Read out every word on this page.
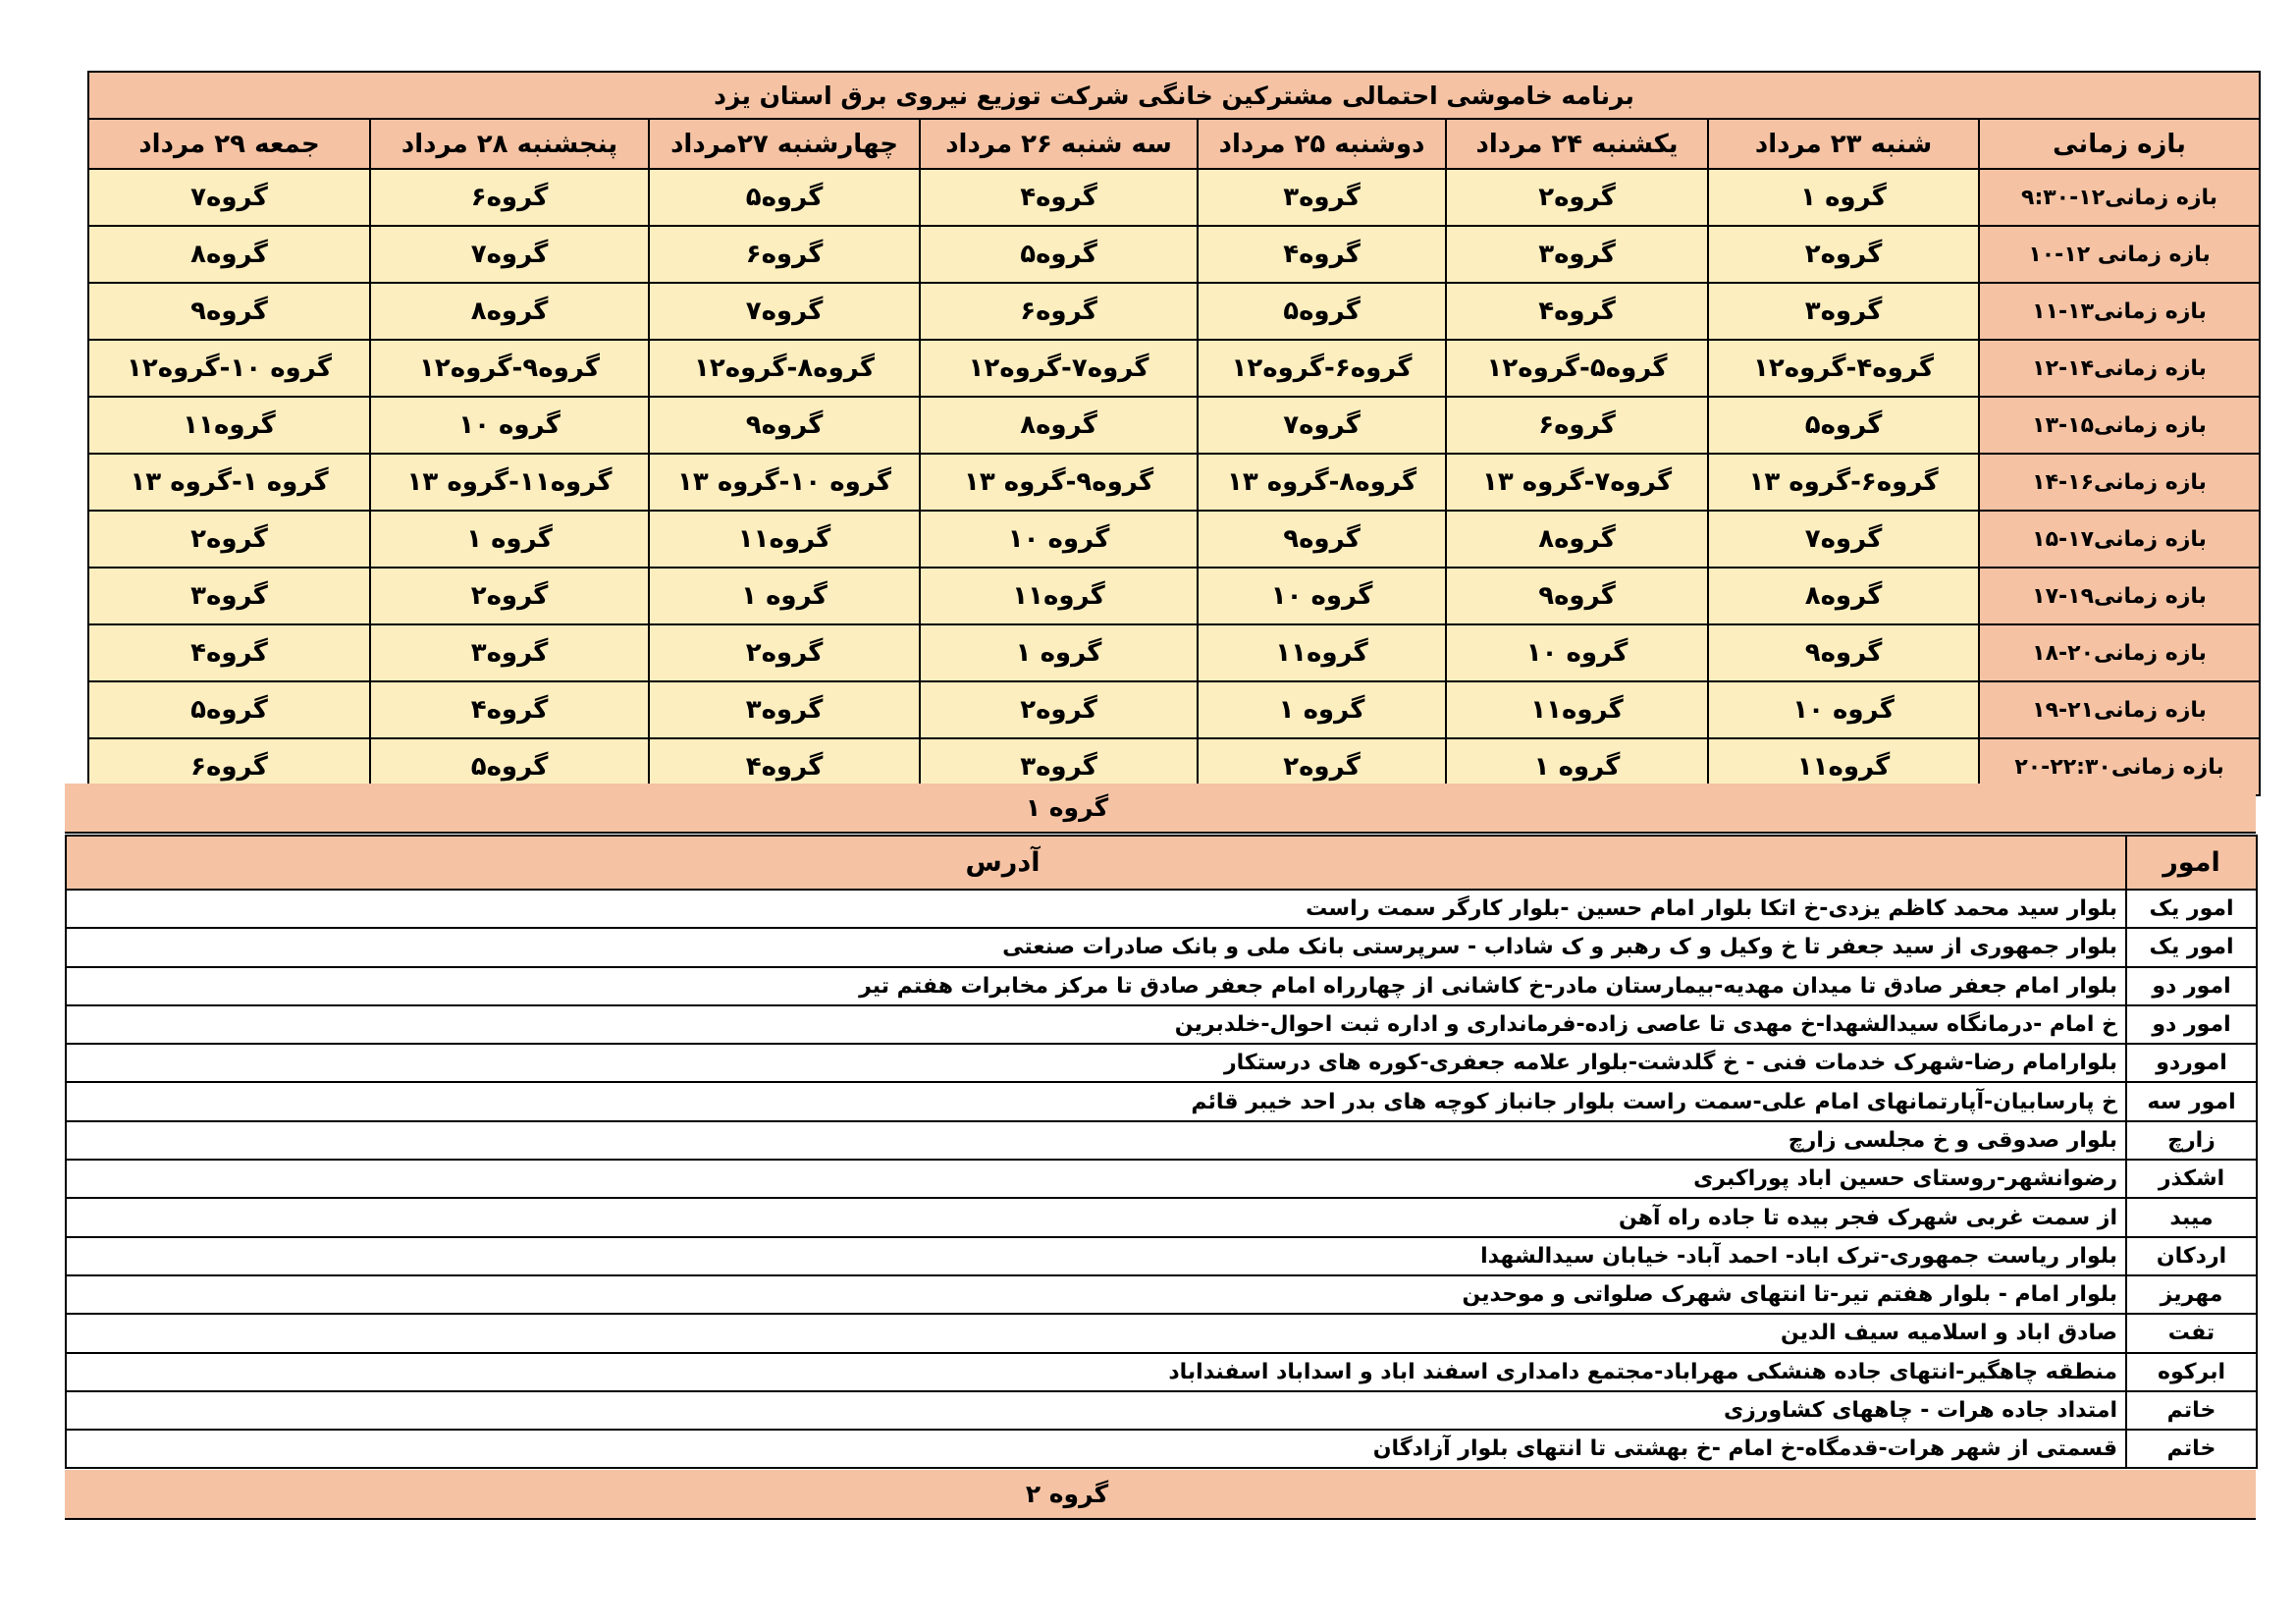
برنامه خاموشی احتمالی مشترکین خانگی شرکت توزیع نیروی برق استان یزد							
بازه زمانی	شنبه ۲۳ مرداد	یکشنبه ۲۴ مرداد	دوشنبه ۲۵ مرداد	سه شنبه ۲۶ مرداد	چهارشنبه ۲۷مرداد	پنجشنبه ۲۸ مرداد	جمعه ۲۹ مرداد
بازه زمانی۱۲-۹:۳۰	گروه ۱	گروه۲	گروه۳	گروه۴	گروه۵	گروه۶	گروه۷
بازه زمانی ۱۲-۱۰	گروه۲	گروه۳	گروه۴	گروه۵	گروه۶	گروه۷	گروه۸
بازه زمانی۱۳-۱۱	گروه۳	گروه۴	گروه۵	گروه۶	گروه۷	گروه۸	گروه۹
بازه زمانی۱۴-۱۲	گروه۴-گروه۱۲	گروه۵-گروه۱۲	گروه۶-گروه۱۲	گروه۷-گروه۱۲	گروه۸-گروه۱۲	گروه۹-گروه۱۲	گروه ۱۰-گروه۱۲
بازه زمانی۱۵-۱۳	گروه۵	گروه۶	گروه۷	گروه۸	گروه۹	گروه ۱۰	گروه۱۱
بازه زمانی۱۶-۱۴	گروه۶-گروه ۱۳	گروه۷-گروه ۱۳	گروه۸-گروه ۱۳	گروه۹-گروه ۱۳	گروه ۱۰-گروه ۱۳	گروه۱۱-گروه ۱۳	گروه ۱-گروه ۱۳
بازه زمانی۱۷-۱۵	گروه۷	گروه۸	گروه۹	گروه ۱۰	گروه۱۱	گروه ۱	گروه۲
بازه زمانی۱۹-۱۷	گروه۸	گروه۹	گروه ۱۰	گروه۱۱	گروه ۱	گروه۲	گروه۳
بازه زمانی۲۰-۱۸	گروه۹	گروه ۱۰	گروه۱۱	گروه ۱	گروه۲	گروه۳	گروه۴
بازه زمانی۲۱-۱۹	گروه ۱۰	گروه۱۱	گروه ۱	گروه۲	گروه۳	گروه۴	گروه۵
بازه زمانی۲۲:۳۰-۲۰	گروه۱۱	گروه ۱	گروه۲	گروه۳	گروه۴	گروه۵	گروه۶
گروه ۱
امور	آدرس
امور یک	بلوار سید محمد کاظم یزدی-خ اتکا بلوار امام حسین -بلوار کارگر سمت راست
امور یک	بلوار جمهوری از سید جعفر تا خ وکیل و ک رهبر و ک شاداب - سرپرستی بانک ملی و بانک صادرات صنعتی
امور دو	بلوار امام جعفر صادق تا میدان مهدیه-بیمارستان مادر-خ کاشانی از چهارراه امام جعفر صادق تا مرکز مخابرات هفتم تیر
امور دو	خ امام -درمانگاه سیدالشهدا-خ مهدی تا عاصی زاده-فرمانداری و اداره ثبت احوال-خلدبرین
اموردو	بلوارامام رضا-شهرک خدمات فنی - خ گلدشت-بلوار علامه جعفری-کوره های درستکار
امور سه	خ پارسابیان-آپارتمانهای امام علی-سمت راست بلوار جانباز کوچه های بدر احد خیبر قائم
زارچ	بلوار صدوقی و خ مجلسی زارچ
اشکذر	رضوانشهر-روستای حسین اباد پوراکبری
میبد	از سمت غربی شهرک فجر بیده تا جاده راه آهن
اردکان	بلوار ریاست جمهوری-ترک اباد- احمد آباد- خیابان سیدالشهدا
مهریز	بلوار امام - بلوار هفتم تیر-تا انتهای شهرک صلواتی و موحدین
تفت	صادق اباد و اسلامیه سیف الدین
ابرکوه	منطقه چاهگیر-انتهای جاده هنشکی مهراباد-مجتمع دامداری اسفند اباد و اسداباد اسفنداباد
خاتم	امتداد جاده هرات - چاههای کشاورزی
خاتم	قسمتی از شهر هرات-قدمگاه-خ امام -خ بهشتی تا انتهای بلوار آزادگان
گروه ۲
